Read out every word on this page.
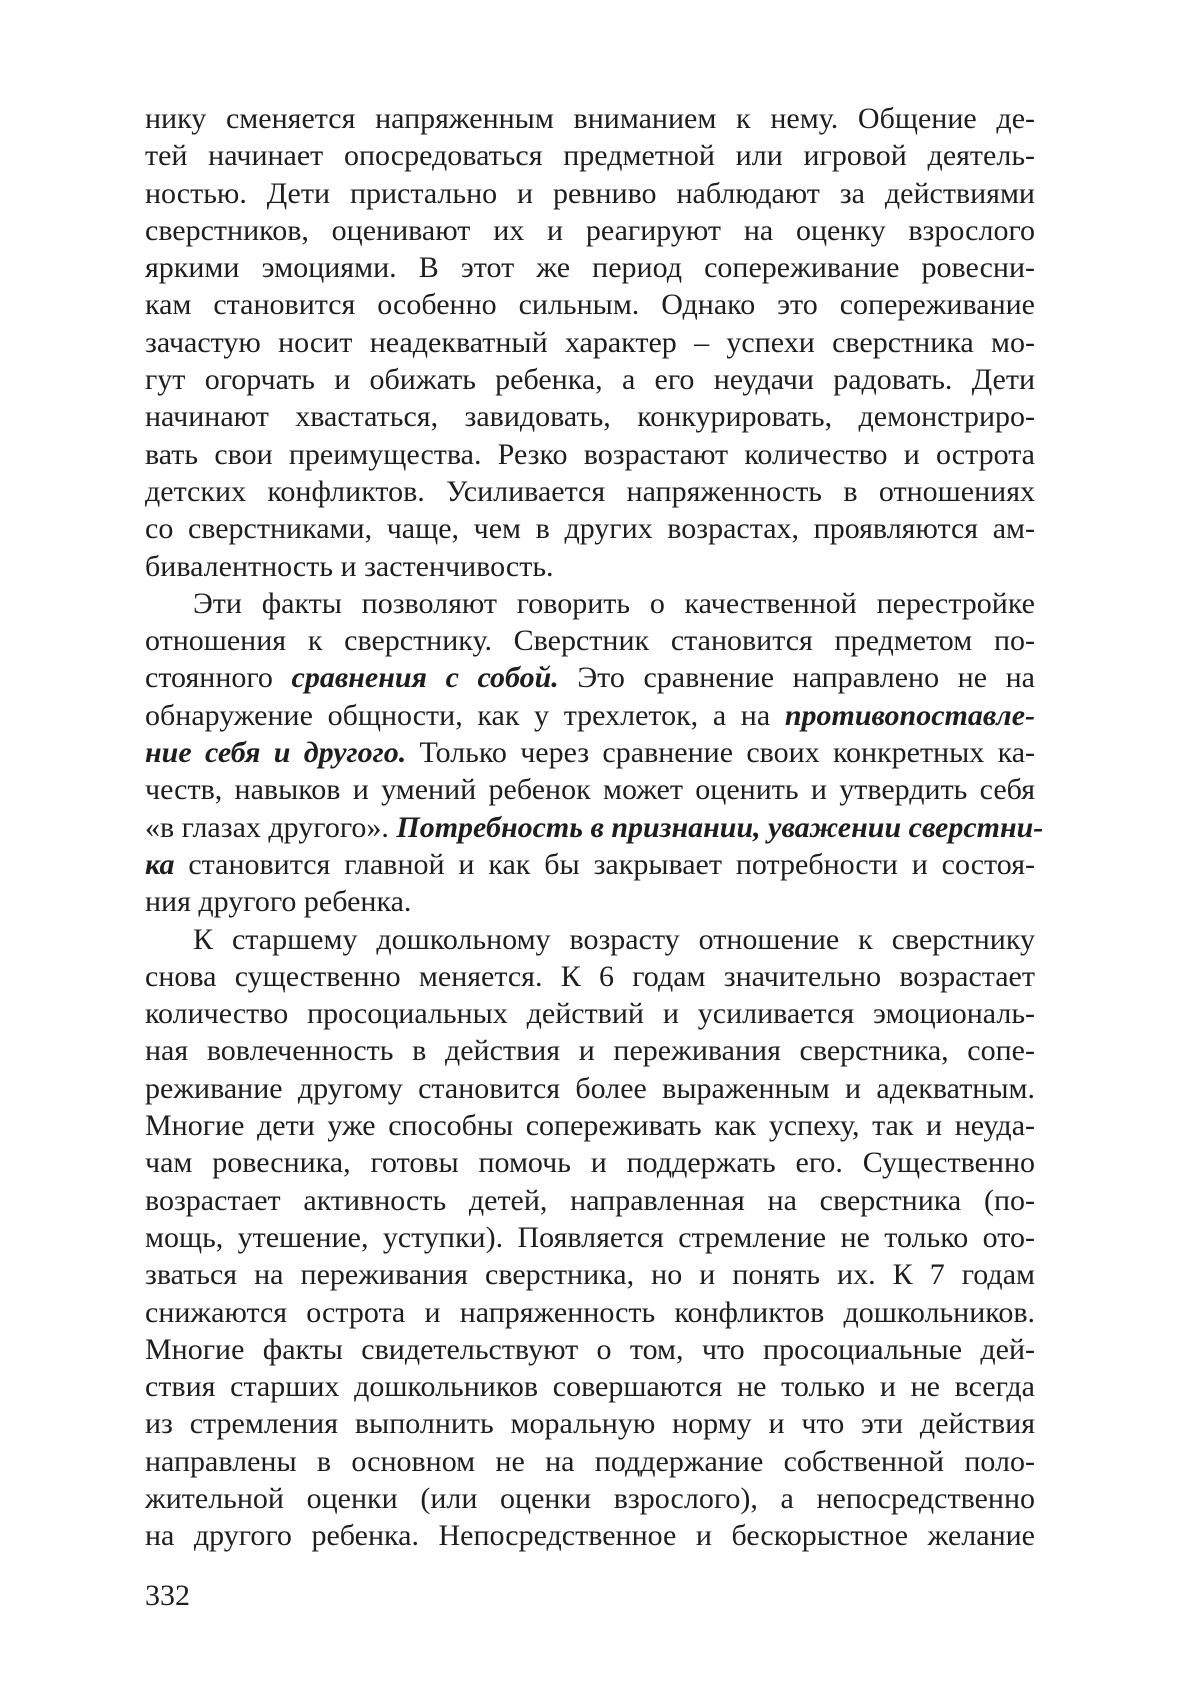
нику сменяется напряженным вниманием к нему. Общение де-
тей начинает опосредоваться предметной или игровой деятель-
ностью. Дети пристально и ревниво наблюдают за действиями
сверстников, оценивают их и реагируют на оценку взрослого
яркими эмоциями. В этот же период сопереживание ровесни-
кам становится особенно сильным. Однако это сопереживание
зачастую носит неадекватный характер – успехи сверстника мо-
гут огорчать и обижать ребенка, а его неудачи радовать. Дети
начинают хвастаться, завидовать, конкурировать, демонстриро-
вать свои преимущества. Резко возрастают количество и острота
детских конфликтов. Усиливается напряженность в отношениях
со сверстниками, чаще, чем в других возрастах, проявляются ам-
бивалентность и застенчивость.
Эти факты позволяют говорить о качественной перестройке
отношения к сверстнику. Сверстник становится предметом по-
стоянного сравнения с собой. Это сравнение направлено не на
обнаружение общности, как у трехлеток, а на противопоставле-
ние себя и другого. Только через сравнение своих конкретных ка-
честв, навыков и умений ребенок может оценить и утвердить себя
«в глазах другого». Потребность в признании, уважении сверстни-
ка становится главной и как бы закрывает потребности и состоя-
ния другого ребенка.
К старшему дошкольному возрасту отношение к сверстнику
снова существенно меняется. К 6 годам значительно возрастает
количество просоциальных действий и усиливается эмоциональ-
ная вовлеченность в действия и переживания сверстника, сопе-
реживание другому становится более выраженным и адекватным.
Многие дети уже способны сопереживать как успеху, так и неуда-
чам ровесника, готовы помочь и поддержать его. Существенно
возрастает активность детей, направленная на сверстника (по-
мощь, утешение, уступки). Появляется стремление не только ото-
зваться на переживания сверстника, но и понять их. К 7 годам
снижаются острота и напряженность конфликтов дошкольников.
Многие факты свидетельствуют о том, что просоциальные дей-
ствия старших дошкольников совершаются не только и не всегда
из стремления выполнить моральную норму и что эти действия
направлены в основном не на поддержание собственной поло-
жительной оценки (или оценки взрослого), а непосредственно
на другого ребенка. Непосредственное и бескорыстное желание
332
